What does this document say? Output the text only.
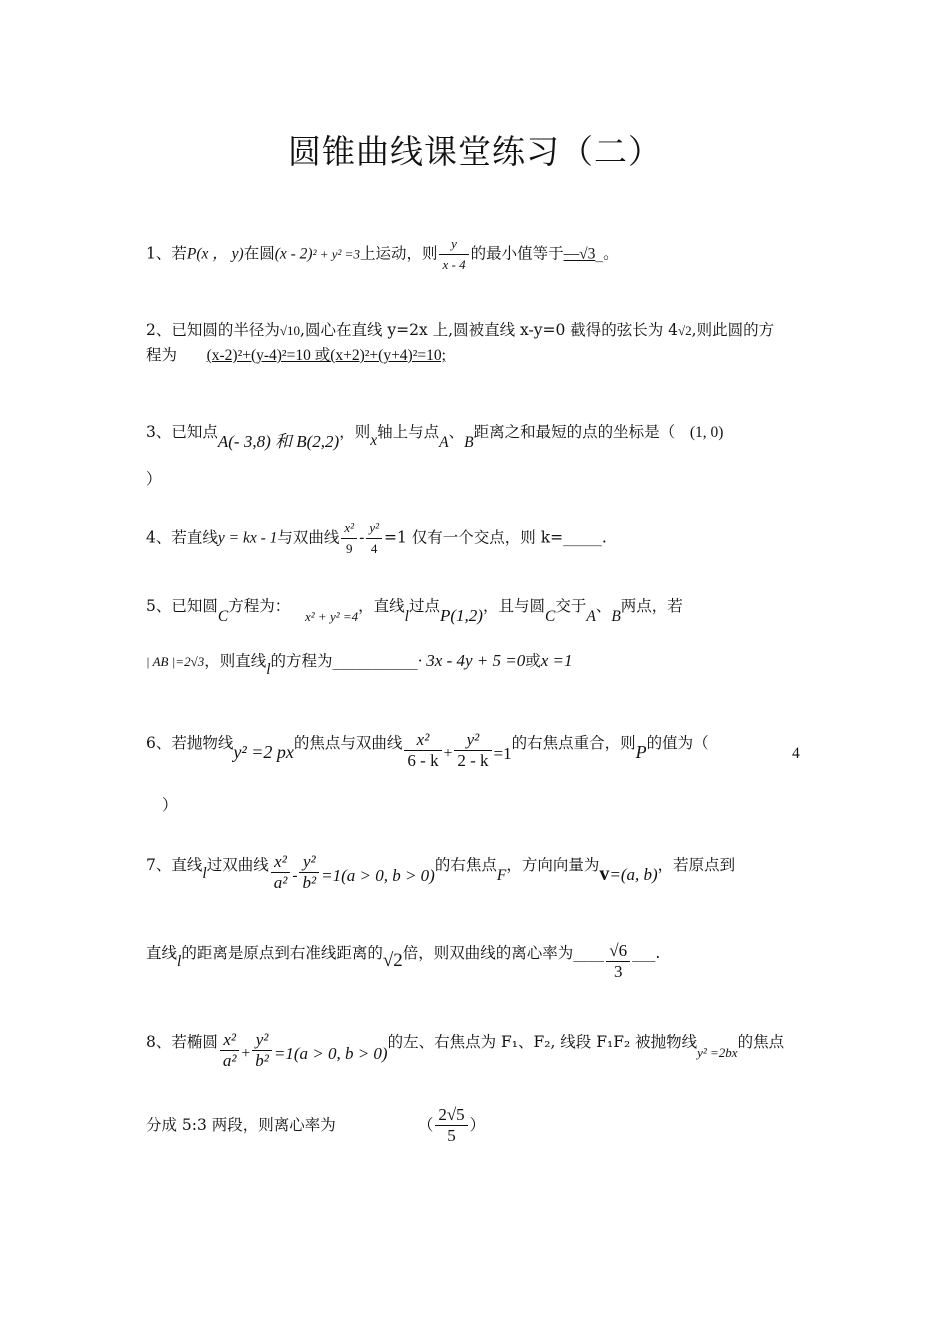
圆锥曲线课堂练习（二）
1、若P(x ， y)在圆(x - 2)² + y² =3上运动，则 $\frac{y}{x - 4}$ 的最小值等于—√3_。
2、已知圆的半径为√10,圆心在直线 y=2x 上,圆被直线 x-y=0 截得的弦长为 4√2,则此圆的方
程为 (x-2)²+(y-4)²=10 或(x+2)²+(y+4)²=10;
3、已知点A(- 3,8) 和 B(2,2)，则x轴上与点A、B距离之和最短的点的坐标是（ (1, 0)
）
4、若直线y = kx - 1与双曲线 $\frac{\text{x²}}{9} - \frac{\text{y²}}{4} =1$ 仅有一个交点，则 k=_____.
5、已知圆C方程为：   $_{x^2 + y^2 =4}$，直线l过点P(1,2)，且与圆C交于A、B两点，若
| AB |=2√3，则直线l的方程为___________· 3x - 4y + 5 =0或x =1
6、若抛物线y² =2 px的焦点与双曲线 $\frac{\text{x²}}{6 - k} + \frac{\text{y²}}{2 - k} =1$的右焦点重合，则P的值为（
4
）
7、直线l过双曲线 $\frac{\text{x²}}{\text{a²}} - \frac{\text{y²}}{\text{b²}} =1(a > 0$, b > 0)的右焦点F，方向向量为v=(a, b)，若原点到
直线l的距离是原点到右准线距离的√2倍，则双曲线的离心率为____ $\frac{√6}{3}$ ___.
8、若椭圆 $\frac{\text{x²}}{\text{a²}} + \frac{\text{y²}}{\text{b²}} =1(a > 0$, b > 0)的左、右焦点为 F₁、F₂, 线段 F₁F₂ 被抛物线$_{y^2 =2bx}$的焦点
分成 5:3 两段，则离心率为	（ $\frac{2√5}{5}$ ）
